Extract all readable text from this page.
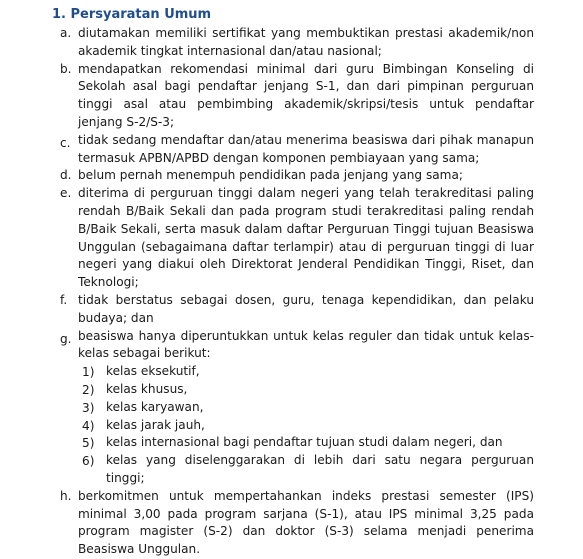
1. Persyaratan Umum
a. diutamakan memiliki sertifikat yang membuktikan prestasi akademik/non akademik tingkat internasional dan/atau nasional;
b. mendapatkan rekomendasi minimal dari guru Bimbingan Konseling di Sekolah asal bagi pendaftar jenjang S-1, dan dari pimpinan perguruan tinggi asal atau pembimbing akademik/skripsi/tesis untuk pendaftar jenjang S-2/S-3;
c. tidak sedang mendaftar dan/atau menerima beasiswa dari pihak manapun termasuk APBN/APBD dengan komponen pembiayaan yang sama;
d. belum pernah menempuh pendidikan pada jenjang yang sama;
e. diterima di perguruan tinggi dalam negeri yang telah terakreditasi paling rendah B/Baik Sekali dan pada program studi terakreditasi paling rendah B/Baik Sekali, serta masuk dalam daftar Perguruan Tinggi tujuan Beasiswa Unggulan (sebagaimana daftar terlampir) atau di perguruan tinggi di luar negeri yang diakui oleh Direktorat Jenderal Pendidikan Tinggi, Riset, dan Teknologi;
f. tidak berstatus sebagai dosen, guru, tenaga kependidikan, dan pelaku budaya; dan
g. beasiswa hanya diperuntukkan untuk kelas reguler dan tidak untuk kelas-kelas sebagai berikut:
1) kelas eksekutif,
2) kelas khusus,
3) kelas karyawan,
4) kelas jarak jauh,
5) kelas internasional bagi pendaftar tujuan studi dalam negeri, dan
6) kelas yang diselenggarakan di lebih dari satu negara perguruan tinggi;
h. berkomitmen untuk mempertahankan indeks prestasi semester (IPS) minimal 3,00 pada program sarjana (S-1), atau IPS minimal 3,25 pada program magister (S-2) dan doktor (S-3) selama menjadi penerima Beasiswa Unggulan.
